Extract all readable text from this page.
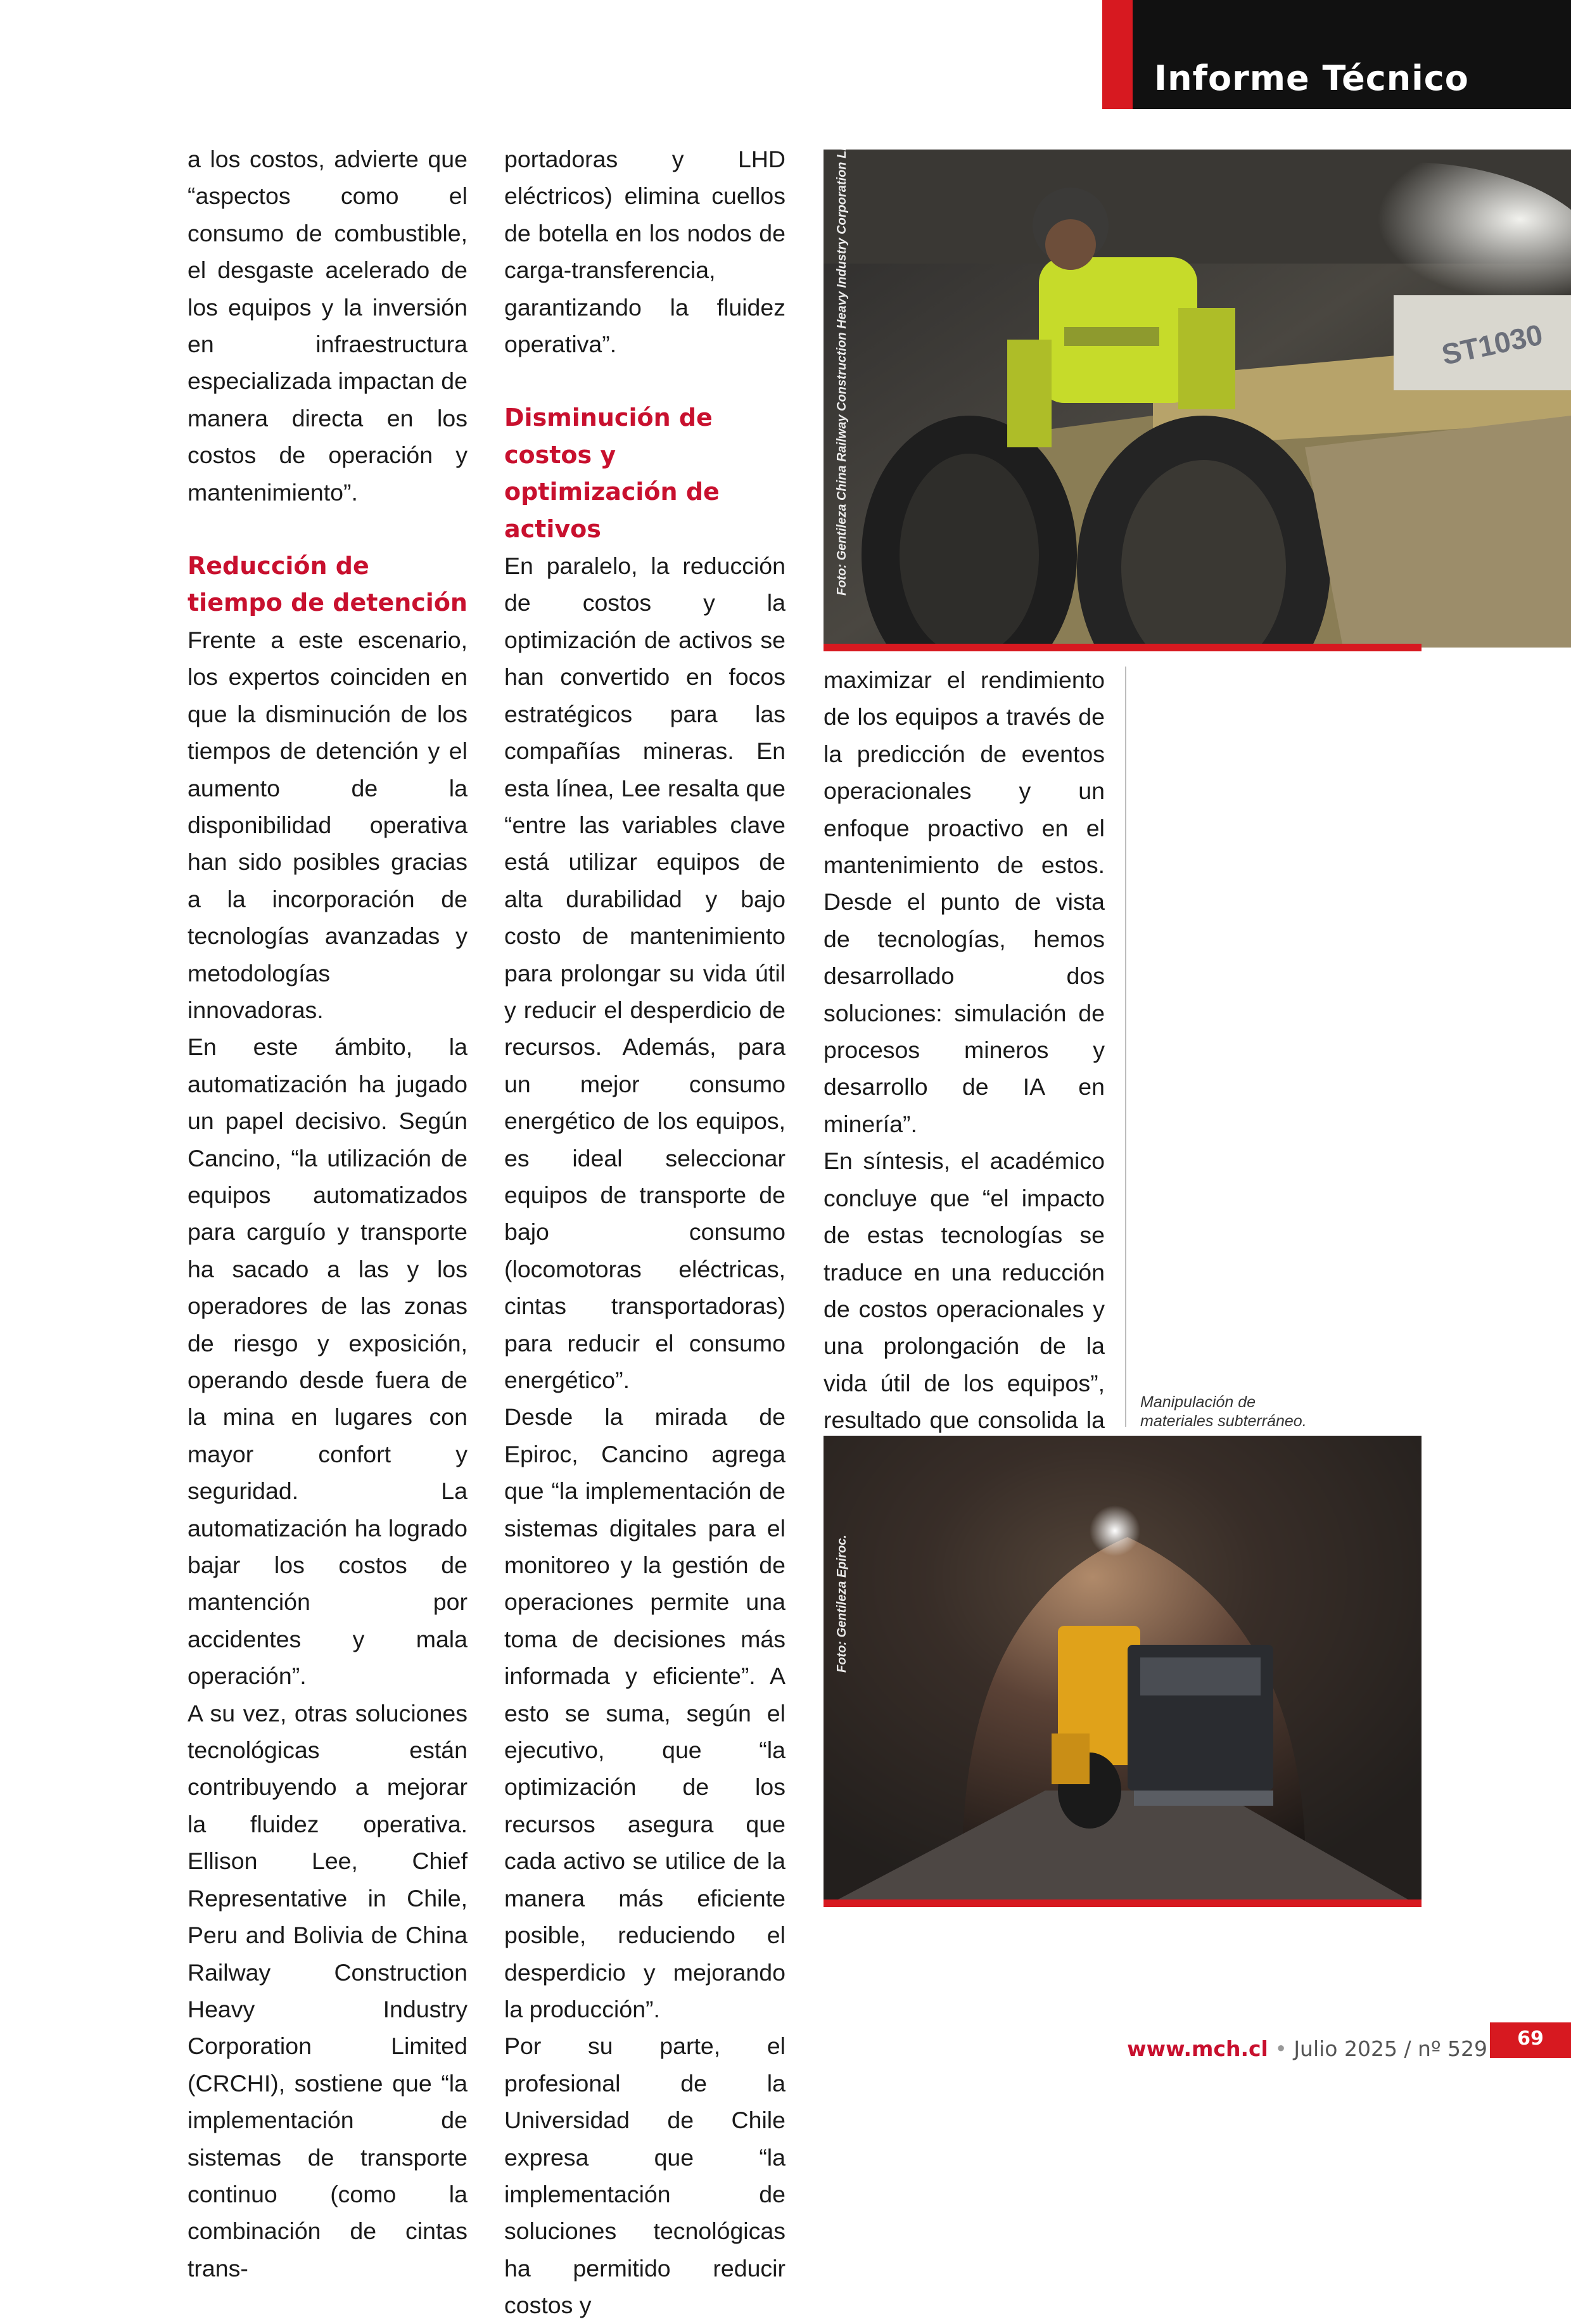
Informe Técnico

a los costos, advierte que “aspectos como el consumo de combustible, el desgaste acelerado de los equipos y la inversión en infraestructura especializada impactan de manera directa en los costos de operación y mantenimiento”.

Reducción de tiempo de detención

Frente a este escenario, los expertos coinciden en que la disminución de los tiempos de detención y el aumento de la disponibilidad operativa han sido posibles gracias a la incorporación de tecnologías avanzadas y metodologías innovadoras.

En este ámbito, la automatización ha jugado un papel decisivo. Según Cancino, “la utilización de equipos automatizados para carguío y transporte ha sacado a las y los operadores de las zonas de riesgo y exposición, operando desde fuera de la mina en lugares con mayor confort y seguridad. La automatización ha logrado bajar los costos de mantención por accidentes y mala operación”.

A su vez, otras soluciones tecnológicas están contribuyendo a mejorar la fluidez operativa. Ellison Lee, Chief Representative in Chile, Peru and Bolivia de China Railway Construction Heavy Industry Corporation Limited (CRCHI), sostiene que “la implementación de sistemas de transporte continuo (como la combinación de cintas trans-

portadoras y LHD eléctricos) elimina cuellos de botella en los nodos de carga-transferencia, garantizando la fluidez operativa”.

Disminución de costos y optimización de activos

En paralelo, la reducción de costos y la optimización de activos se han convertido en focos estratégicos para las compañías mineras. En esta línea, Lee resalta que “entre las variables clave está utilizar equipos de alta durabilidad y bajo costo de mantenimiento para prolongar su vida útil y reducir el desperdicio de recursos. Además, para un mejor consumo energético de los equipos, es ideal seleccionar equipos de transporte de bajo consumo (locomotoras eléctricas, cintas transportadoras) para reducir el consumo energético”.

Desde la mirada de Epiroc, Cancino agrega que “la implementación de sistemas digitales para el monitoreo y la gestión de operaciones permite una toma de decisiones más informada y eficiente”. A esto se suma, según el ejecutivo, que “la optimización de los recursos asegura que cada activo se utilice de la manera más eficiente posible, reduciendo el desperdicio y mejorando la producción”.

Por su parte, el profesional de la Universidad de Chile expresa que “la implementación de soluciones tecnológicas ha permitido reducir costos y

ST1030
Foto: Gentileza China Railway Construction Heavy Industry Corporation Limited.

maximizar el rendimiento de los equipos a través de la predicción de eventos operacionales y un enfoque proactivo en el mantenimiento de estos. Desde el punto de vista de tecnologías, hemos desarrollado dos soluciones: simulación de procesos mineros y desarrollo de IA en minería”.

En síntesis, el académico concluye que “el impacto de estas tecnologías se traduce en una reducción de costos operacionales y una prolongación de la vida útil de los equipos”, resultado que consolida la

Manipulación de materiales subterráneo.
Foto: Gentileza Epiroc.
www.mch.cl • Julio 2025 / nº 529	69
